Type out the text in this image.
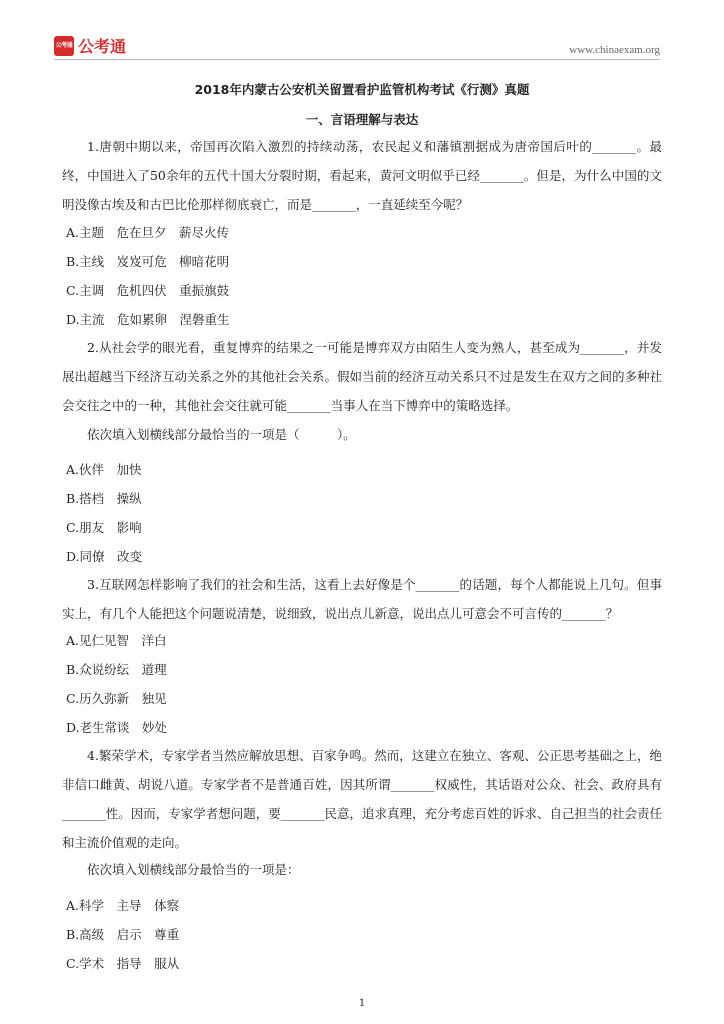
公考通 公考通	www.chinaexam.org
2018年内蒙古公安机关留置看护监管机构考试《行测》真题
一、言语理解与表达
1.唐朝中期以来，帝国再次陷入激烈的持续动荡，农民起义和藩镇割据成为唐帝国后叶的_______。最终，中国进入了50余年的五代十国大分裂时期，看起来，黄河文明似乎已经_______。但是，为什么中国的文明没像古埃及和古巴比伦那样彻底衰亡，而是_______，一直延续至今呢？
A.主题　危在旦夕　薪尽火传
B.主线　岌岌可危　柳暗花明
C.主调　危机四伏　重振旗鼓
D.主流　危如累卵　涅磐重生
2.从社会学的眼光看，重复博弈的结果之一可能是博弈双方由陌生人变为熟人，甚至成为_______，并发展出超越当下经济互动关系之外的其他社会关系。假如当前的经济互动关系只不过是发生在双方之间的多种社会交往之中的一种，其他社会交往就可能_______当事人在当下博弈中的策略选择。
依次填入划横线部分最恰当的一项是（　　　）。
A.伙伴　加快
B.搭档　操纵
C.朋友　影响
D.同僚　改变
3.互联网怎样影响了我们的社会和生活，这看上去好像是个_______的话题，每个人都能说上几句。但事实上，有几个人能把这个问题说清楚，说细致，说出点儿新意，说出点儿可意会不可言传的_______？
A.见仁见智　洋白
B.众说纷纭　道理
C.历久弥新　独见
D.老生常谈　妙处
4.繁荣学术，专家学者当然应解放思想、百家争鸣。然而，这建立在独立、客观、公正思考基础之上，绝非信口雌黄、胡说八道。专家学者不是普通百姓，因其所谓_______权威性，其话语对公众、社会、政府具有_______性。因而，专家学者想问题，要_______民意，追求真理，充分考虑百姓的诉求、自己担当的社会责任和主流价值观的走向。
依次填入划横线部分最恰当的一项是：
A.科学　主导　体察
B.高级　启示　尊重
C.学术　指导　服从
1
